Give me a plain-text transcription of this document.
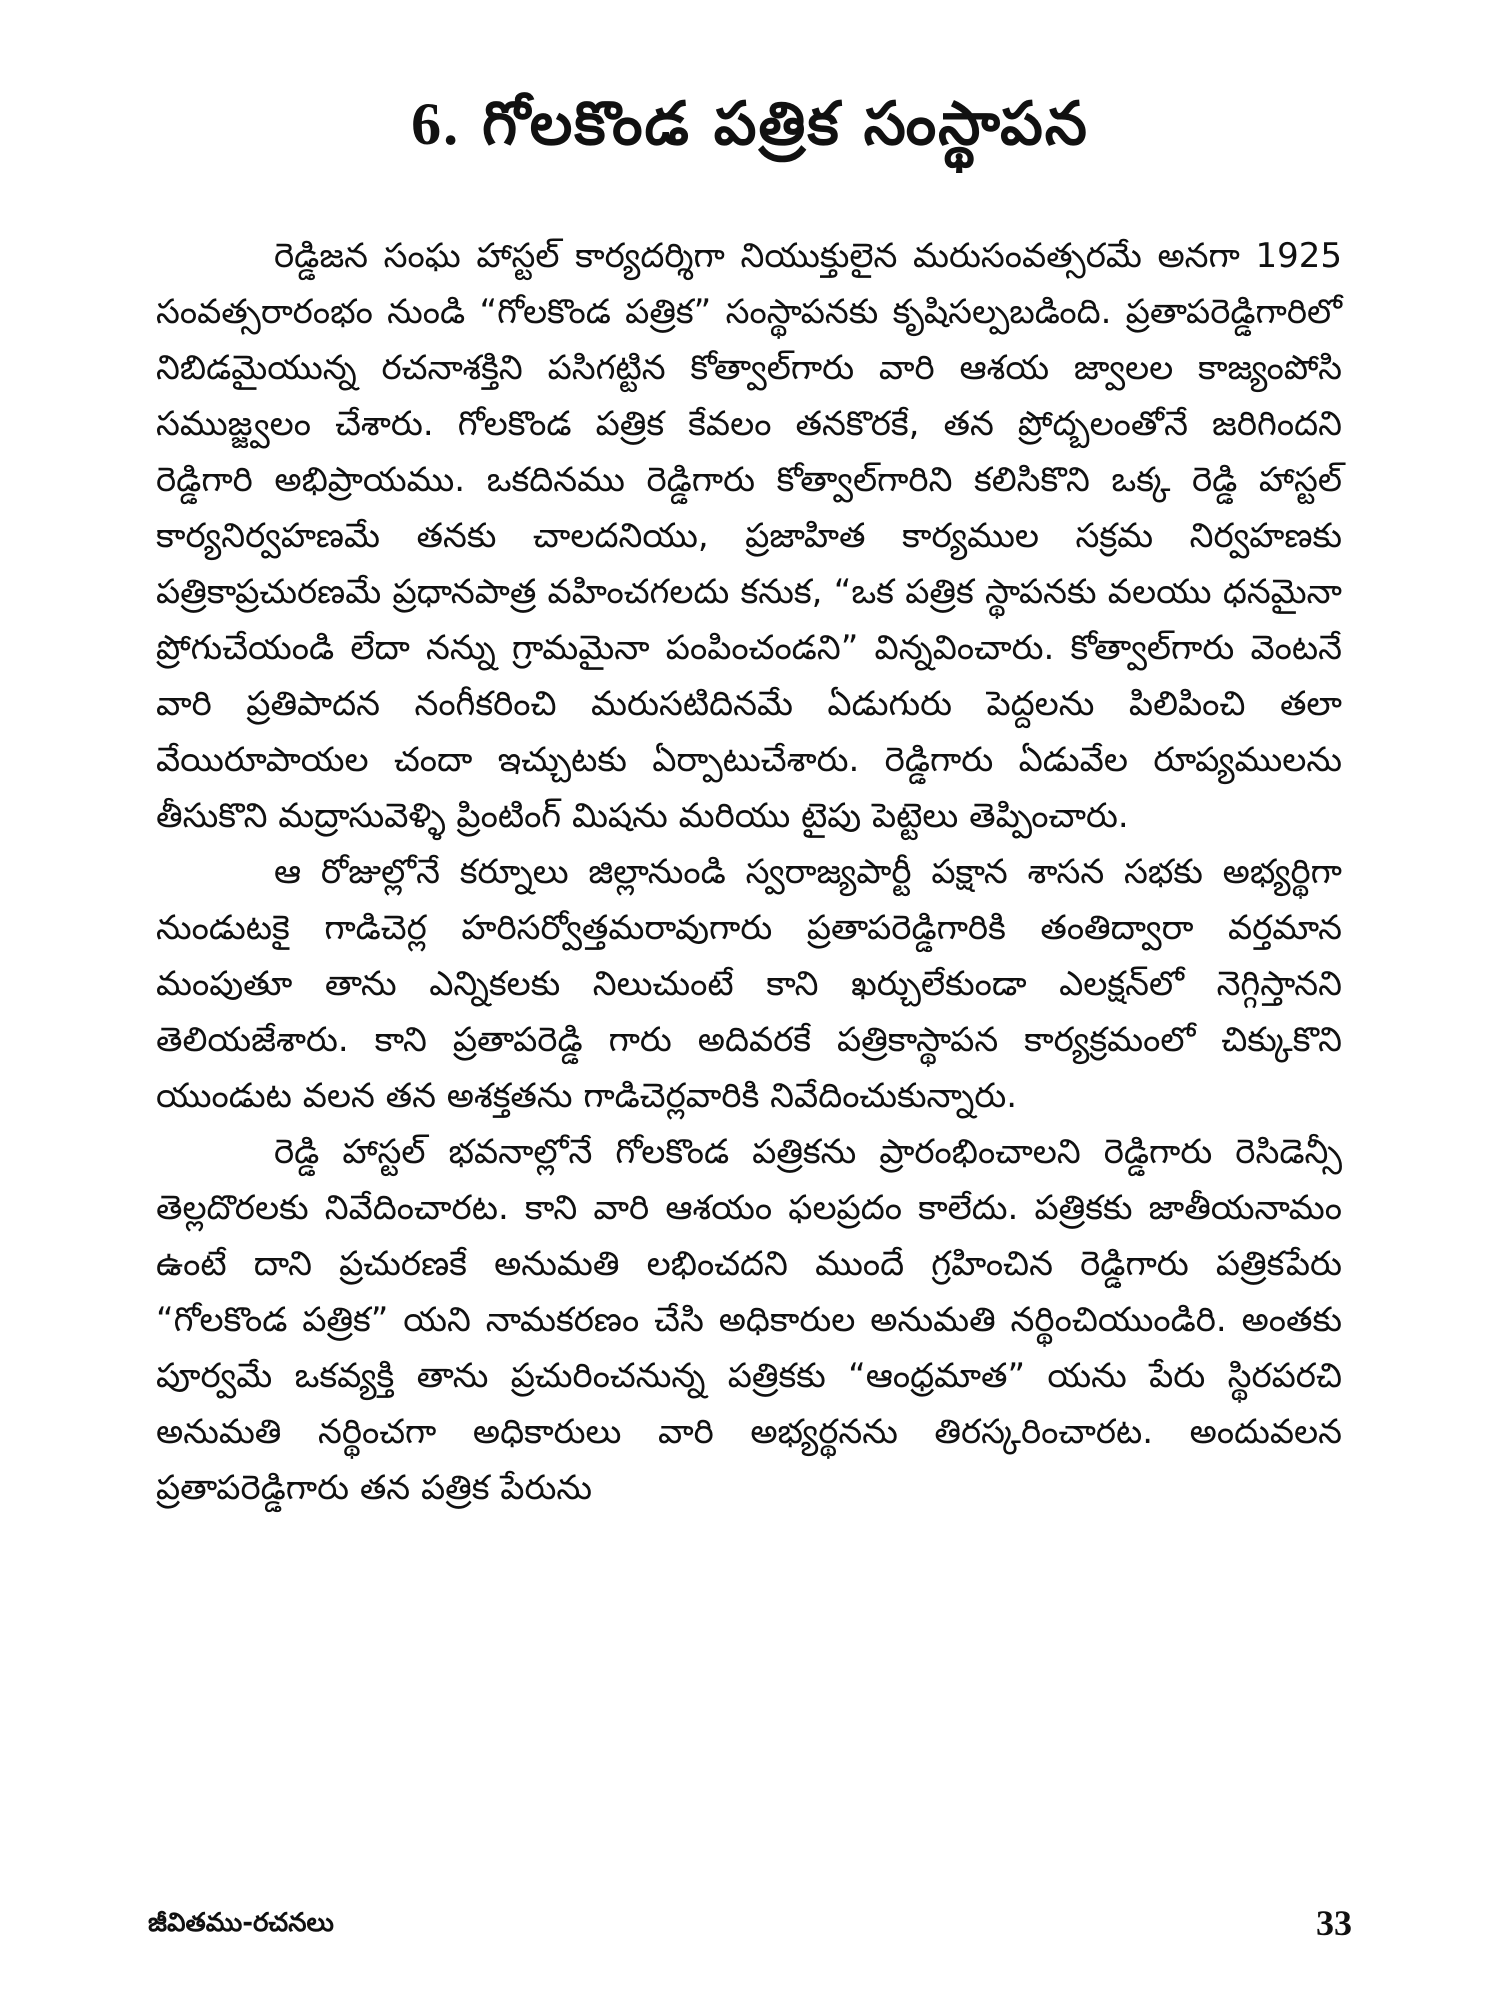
6. గోలకొండ పత్రిక సంస్థాపన

రెడ్డిజన సంఘ హాస్టల్ కార్యదర్శిగా నియుక్తులైన మరుసంవత్సరమే అనగా 1925 సంవత్సరారంభం నుండి “గోలకొండ పత్రిక” సంస్థాపనకు కృషిసల్పబడింది. ప్రతాపరెడ్డిగారిలో నిబిడమైయున్న రచనాశక్తిని పసిగట్టిన కోత్వాల్‌గారు వారి ఆశయ జ్వాలల కాజ్యంపోసి సముజ్జ్వలం చేశారు. గోలకొండ పత్రిక కేవలం తనకొరకే, తన ప్రోద్బలంతోనే జరిగిందని రెడ్డిగారి అభిప్రాయము. ఒకదినము రెడ్డిగారు కోత్వాల్‌గారిని కలిసికొని ఒక్క రెడ్డి హాస్టల్ కార్యనిర్వహణమే తనకు చాలదనియు, ప్రజాహిత కార్యముల సక్రమ నిర్వహణకు పత్రికాప్రచురణమే ప్రధానపాత్ర వహించగలదు కనుక, “ఒక పత్రిక స్థాపనకు వలయు ధనమైనా ప్రోగుచేయండి లేదా నన్ను గ్రామమైనా పంపించండని” విన్నవించారు. కోత్వాల్‌గారు వెంటనే వారి ప్రతిపాదన నంగీకరించి మరుసటిదినమే ఏడుగురు పెద్దలను పిలిపించి తలా వేయిరూపాయల చందా ఇచ్చుటకు ఏర్పాటుచేశారు. రెడ్డిగారు ఏడువేల రూప్యములను తీసుకొని మద్రాసువెళ్ళి ప్రింటింగ్ మిషను మరియు టైపు పెట్టెలు తెప్పించారు.

ఆ రోజుల్లోనే కర్నూలు జిల్లానుండి స్వరాజ్యపార్టీ పక్షాన శాసన సభకు అభ్యర్థిగా నుండుటకై గాడిచెర్ల హరిసర్వోత్తమరావుగారు ప్రతాపరెడ్డిగారికి తంతిద్వారా వర్తమాన మంపుతూ తాను ఎన్నికలకు నిలుచుంటే కాని ఖర్చులేకుండా ఎలక్షన్‌లో నెగ్గిస్తానని తెలియజేశారు. కాని ప్రతాపరెడ్డి గారు అదివరకే పత్రికాస్థాపన కార్యక్రమంలో చిక్కుకొని యుండుట వలన తన అశక్తతను గాడిచెర్లవారికి నివేదించుకున్నారు.

రెడ్డి హాస్టల్ భవనాల్లోనే గోలకొండ పత్రికను ప్రారంభించాలని రెడ్డిగారు రెసిడెన్సీ తెల్లదొరలకు నివేదించారట. కాని వారి ఆశయం ఫలప్రదం కాలేదు. పత్రికకు జాతీయనామం ఉంటే దాని ప్రచురణకే అనుమతి లభించదని ముందే గ్రహించిన రెడ్డిగారు పత్రికపేరు “గోలకొండ పత్రిక” యని నామకరణం చేసి అధికారుల అనుమతి నర్థించియుండిరి. అంతకు పూర్వమే ఒకవ్యక్తి తాను ప్రచురించనున్న పత్రికకు “ఆంధ్రమాత” యను పేరు స్థిరపరచి అనుమతి నర్థించగా అధికారులు వారి అభ్యర్థనను తిరస్కరించారట. అందువలన ప్రతాపరెడ్డిగారు తన పత్రిక పేరును

జీవితము-రచనలు	33
